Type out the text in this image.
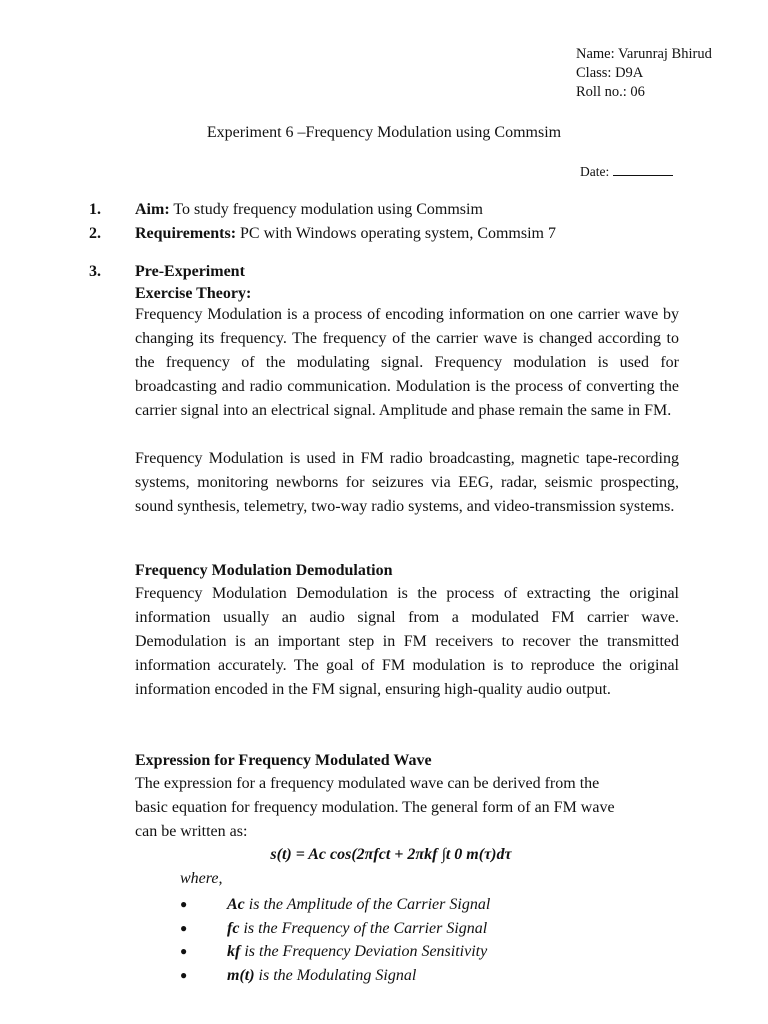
Name: Varunraj Bhirud
Class: D9A
Roll no.: 06
Experiment 6 –Frequency Modulation using Commsim
Date:
1. Aim: To study frequency modulation using Commsim
2. Requirements: PC with Windows operating system, Commsim 7
3. Pre-Experiment
Exercise Theory:
Frequency Modulation is a process of encoding information on one carrier wave by changing its frequency. The frequency of the carrier wave is changed according to the frequency of the modulating signal. Frequency modulation is used for broadcasting and radio communication. Modulation is the process of converting the carrier signal into an electrical signal. Amplitude and phase remain the same in FM.
Frequency Modulation is used in FM radio broadcasting, magnetic tape-recording systems, monitoring newborns for seizures via EEG, radar, seismic prospecting, sound synthesis, telemetry, two-way radio systems, and video-transmission systems.
Frequency Modulation Demodulation
Frequency Modulation Demodulation is the process of extracting the original information usually an audio signal from a modulated FM carrier wave. Demodulation is an important step in FM receivers to recover the transmitted information accurately. The goal of FM modulation is to reproduce the original information encoded in the FM signal, ensuring high-quality audio output.
Expression for Frequency Modulated Wave
The expression for a frequency modulated wave can be derived from the
basic equation for frequency modulation. The general form of an FM wave
can be written as:
s(t) = Ac cos(2πfct + 2πkf ∫t 0 m(τ)dτ
where,
● Ac is the Amplitude of the Carrier Signal
● fc is the Frequency of the Carrier Signal
● kf is the Frequency Deviation Sensitivity
● m(t) is the Modulating Signal
